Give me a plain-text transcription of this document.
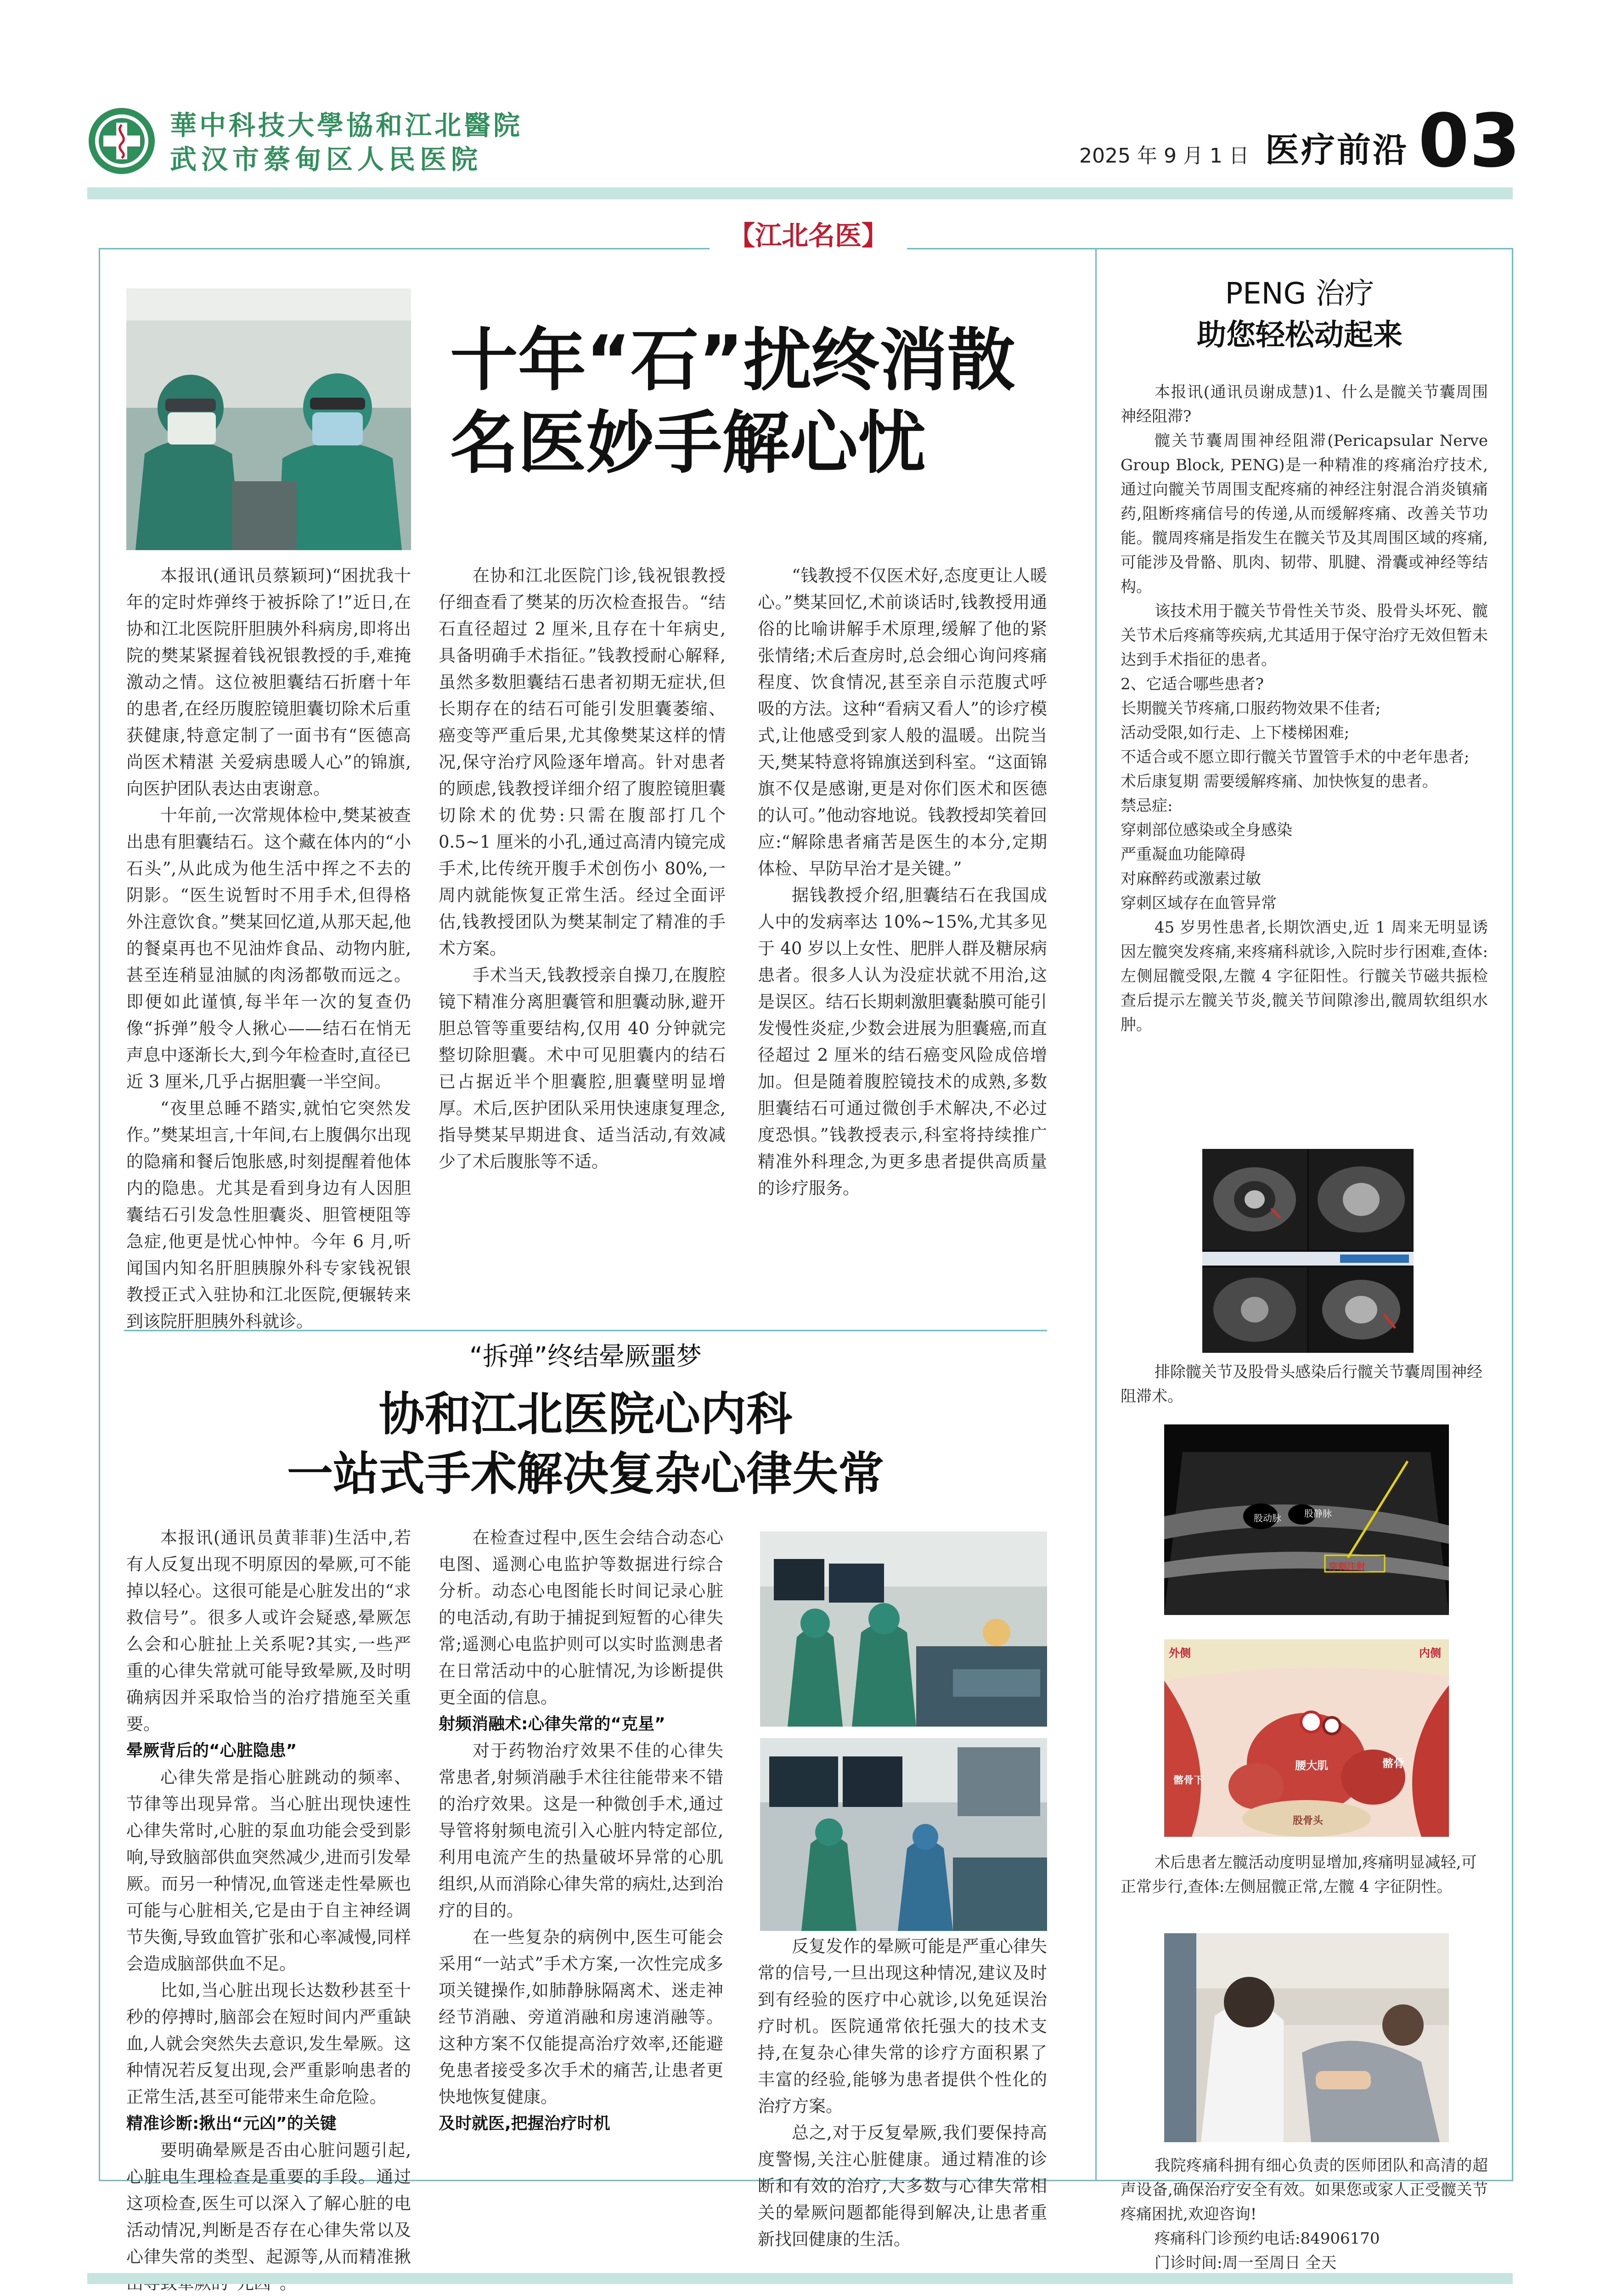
華中科技大學協和江北醫院
武汉市蔡甸区人民医院	2025 年 9 月 1 日 医疗前沿 03
【江北名医】
十年“石”扰终消散
名医妙手解心忧

本报讯(通讯员蔡颖珂)“困扰我十年的定时炸弹终于被拆除了!”近日,在协和江北医院肝胆胰外科病房,即将出院的樊某紧握着钱祝银教授的手,难掩激动之情。这位被胆囊结石折磨十年的患者,在经历腹腔镜胆囊切除术后重获健康,特意定制了一面书有“医德高尚医术精湛 关爱病患暖人心”的锦旗,向医护团队表达由衷谢意。

十年前,一次常规体检中,樊某被查出患有胆囊结石。这个藏在体内的“小石头”,从此成为他生活中挥之不去的阴影。“医生说暂时不用手术,但得格外注意饮食。”樊某回忆道,从那天起,他的餐桌再也不见油炸食品、动物内脏,甚至连稍显油腻的肉汤都敬而远之。即便如此谨慎,每半年一次的复查仍像“拆弹”般令人揪心——结石在悄无声息中逐渐长大,到今年检查时,直径已近 3 厘米,几乎占据胆囊一半空间。

“夜里总睡不踏实,就怕它突然发作。”樊某坦言,十年间,右上腹偶尔出现的隐痛和餐后饱胀感,时刻提醒着他体内的隐患。尤其是看到身边有人因胆囊结石引发急性胆囊炎、胆管梗阻等急症,他更是忧心忡忡。今年 6 月,听闻国内知名肝胆胰腺外科专家钱祝银教授正式入驻协和江北医院,便辗转来到该院肝胆胰外科就诊。

在协和江北医院门诊,钱祝银教授仔细查看了樊某的历次检查报告。“结石直径超过 2 厘米,且存在十年病史,具备明确手术指征。”钱教授耐心解释,虽然多数胆囊结石患者初期无症状,但长期存在的结石可能引发胆囊萎缩、癌变等严重后果,尤其像樊某这样的情况,保守治疗风险逐年增高。针对患者的顾虑,钱教授详细介绍了腹腔镜胆囊切除术的优势:只需在腹部打几个 0.5~1 厘米的小孔,通过高清内镜完成手术,比传统开腹手术创伤小 80%,一周内就能恢复正常生活。经过全面评估,钱教授团队为樊某制定了精准的手术方案。

手术当天,钱教授亲自操刀,在腹腔镜下精准分离胆囊管和胆囊动脉,避开胆总管等重要结构,仅用 40 分钟就完整切除胆囊。术中可见胆囊内的结石已占据近半个胆囊腔,胆囊壁明显增厚。术后,医护团队采用快速康复理念,指导樊某早期进食、适当活动,有效减少了术后腹胀等不适。

“钱教授不仅医术好,态度更让人暖心。”樊某回忆,术前谈话时,钱教授用通俗的比喻讲解手术原理,缓解了他的紧张情绪;术后查房时,总会细心询问疼痛程度、饮食情况,甚至亲自示范腹式呼吸的方法。这种“看病又看人”的诊疗模式,让他感受到家人般的温暖。出院当天,樊某特意将锦旗送到科室。“这面锦旗不仅是感谢,更是对你们医术和医德的认可。”他动容地说。钱教授却笑着回应:“解除患者痛苦是医生的本分,定期体检、早防早治才是关键。”

据钱教授介绍,胆囊结石在我国成人中的发病率达 10%~15%,尤其多见于 40 岁以上女性、肥胖人群及糖尿病患者。很多人认为没症状就不用治,这是误区。结石长期刺激胆囊黏膜可能引发慢性炎症,少数会进展为胆囊癌,而直径超过 2 厘米的结石癌变风险成倍增加。但是随着腹腔镜技术的成熟,多数胆囊结石可通过微创手术解决,不必过度恐惧。”钱教授表示,科室将持续推广精准外科理念,为更多患者提供高质量的诊疗服务。

PENG 治疗
助您轻松动起来

本报讯(通讯员谢成慧)1、什么是髋关节囊周围神经阻滞?

髋关节囊周围神经阻滞(Pericapsular Nerve Group Block, PENG)是一种精准的疼痛治疗技术,通过向髋关节周围支配疼痛的神经注射混合消炎镇痛药,阻断疼痛信号的传递,从而缓解疼痛、改善关节功能。髋周疼痛是指发生在髋关节及其周围区域的疼痛,可能涉及骨骼、肌肉、韧带、肌腱、滑囊或神经等结构。

该技术用于髋关节骨性关节炎、股骨头坏死、髋关节术后疼痛等疾病,尤其适用于保守治疗无效但暂未达到手术指征的患者。

2、它适合哪些患者?

长期髋关节疼痛,口服药物效果不佳者;

活动受限,如行走、上下楼梯困难;

不适合或不愿立即行髋关节置管手术的中老年患者;

术后康复期 需要缓解疼痛、加快恢复的患者。

禁忌症:

穿刺部位感染或全身感染

严重凝血功能障碍

对麻醉药或激素过敏

穿刺区域存在血管异常

45 岁男性患者,长期饮酒史,近 1 周来无明显诱因左髋突发疼痛,来疼痛科就诊,入院时步行困难,查体:左侧屈髋受限,左髋 4 字征阳性。行髋关节磁共振检查后提示左髋关节炎,髋关节间隙渗出,髋周软组织水肿。

排除髋关节及股骨头感染后行髋关节囊周围神经阻滞术。
股动脉	股静脉
穿刺注射
外侧	内侧
腰大肌	髂骨
髂骨下
股骨头
术后患者左髋活动度明显增加,疼痛明显减轻,可正常步行,查体:左侧屈髋正常,左髋 4 字征阴性。

我院疼痛科拥有细心负责的医师团队和高清的超声设备,确保治疗安全有效。如果您或家人正受髋关节疼痛困扰,欢迎咨询!

疼痛科门诊预约电话:84906170

门诊时间:周一至周日 全天

“拆弹”终结晕厥噩梦
协和江北医院心内科
一站式手术解决复杂心律失常

本报讯(通讯员黄菲菲)生活中,若有人反复出现不明原因的晕厥,可不能掉以轻心。这很可能是心脏发出的“求救信号”。很多人或许会疑惑,晕厥怎么会和心脏扯上关系呢?其实,一些严重的心律失常就可能导致晕厥,及时明确病因并采取恰当的治疗措施至关重要。

晕厥背后的“心脏隐患”

心律失常是指心脏跳动的频率、节律等出现异常。当心脏出现快速性心律失常时,心脏的泵血功能会受到影响,导致脑部供血突然减少,进而引发晕厥。而另一种情况,血管迷走性晕厥也可能与心脏相关,它是由于自主神经调节失衡,导致血管扩张和心率减慢,同样会造成脑部供血不足。

比如,当心脏出现长达数秒甚至十秒的停搏时,脑部会在短时间内严重缺血,人就会突然失去意识,发生晕厥。这种情况若反复出现,会严重影响患者的正常生活,甚至可能带来生命危险。

精准诊断:揪出“元凶”的关键

要明确晕厥是否由心脏问题引起,心脏电生理检查是重要的手段。通过这项检查,医生可以深入了解心脏的电活动情况,判断是否存在心律失常以及心律失常的类型、起源等,从而精准揪

在检查过程中,医生会结合动态心电图、遥测心电监护等数据进行综合分析。动态心电图能长时间记录心脏的电活动,有助于捕捉到短暂的心律失常;遥测心电监护则可以实时监测患者在日常活动中的心脏情况,为诊断提供更全面的信息。

射频消融术:心律失常的“克星”

对于药物治疗效果不佳的心律失常患者,射频消融手术往往能带来不错的治疗效果。这是一种微创手术,通过导管将射频电流引入心脏内特定部位,利用电流产生的热量破坏异常的心肌组织,从而消除心律失常的病灶,达到治疗的目的。

在一些复杂的病例中,医生可能会采用“一站式”手术方案,一次性完成多项关键操作,如肺静脉隔离术、迷走神经节消融、旁道消融和房速消融等。这种方案不仅能提高治疗效率,还能避免患者接受多次手术的痛苦,让患者更快地恢复健康。

及时就医,把握治疗时机

反复发作的晕厥可能是严重心律失常的信号,一旦出现这种情况,建议及时到有经验的医疗中心就诊,以免延误治疗时机。医院通常依托强大的技术支持,在复杂心律失常的诊疗方面积累了丰富的经验,能够为患者提供个性化的治疗方案。

总之,对于反复晕厥,我们要保持高度警惕,关注心脏健康。通过精准的诊断和有效的治疗,大多数与心律失常相关的晕厥问题都能得到解决,让患者重新找回健康的生活。
